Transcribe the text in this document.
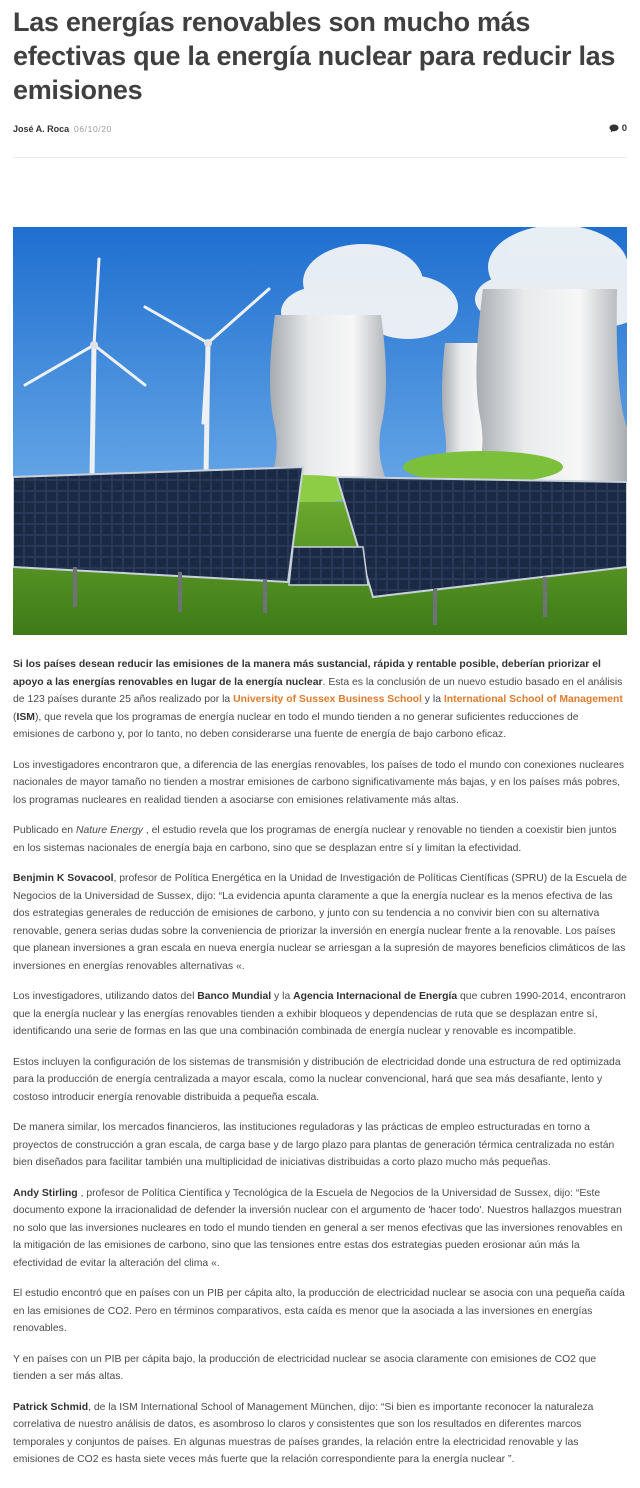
Las energías renovables son mucho más efectivas que la energía nuclear para reducir las emisiones
José A. Roca 06/10/20	0

Si los países desean reducir las emisiones de la manera más sustancial, rápida y rentable posible, deberían priorizar el apoyo a las energías renovables en lugar de la energía nuclear. Esta es la conclusión de un nuevo estudio basado en el análisis de 123 países durante 25 años realizado por la University of Sussex Business School y la International School of Management (ISM), que revela que los programas de energía nuclear en todo el mundo tienden a no generar suficientes reducciones de emisiones de carbono y, por lo tanto, no deben considerarse una fuente de energía de bajo carbono eficaz.

Los investigadores encontraron que, a diferencia de las energías renovables, los países de todo el mundo con conexiones nucleares nacionales de mayor tamaño no tienden a mostrar emisiones de carbono significativamente más bajas, y en los países más pobres, los programas nucleares en realidad tienden a asociarse con emisiones relativamente más altas.

Publicado en Nature Energy , el estudio revela que los programas de energía nuclear y renovable no tienden a coexistir bien juntos en los sistemas nacionales de energía baja en carbono, sino que se desplazan entre sí y limitan la efectividad.

Benjmin K Sovacool, profesor de Política Energética en la Unidad de Investigación de Políticas Científicas (SPRU) de la Escuela de Negocios de la Universidad de Sussex, dijo: “La evidencia apunta claramente a que la energía nuclear es la menos efectiva de las dos estrategias generales de reducción de emisiones de carbono, y junto con su tendencia a no convivir bien con su alternativa renovable, genera serias dudas sobre la conveniencia de priorizar la inversión en energía nuclear frente a la renovable. Los países que planean inversiones a gran escala en nueva energía nuclear se arriesgan a la supresión de mayores beneficios climáticos de las inversiones en energías renovables alternativas «.

Los investigadores, utilizando datos del Banco Mundial y la Agencia Internacional de Energía que cubren 1990-2014, encontraron que la energía nuclear y las energías renovables tienden a exhibir bloqueos y dependencias de ruta que se desplazan entre sí, identificando una serie de formas en las que una combinación combinada de energía nuclear y renovable es incompatible.

Estos incluyen la configuración de los sistemas de transmisión y distribución de electricidad donde una estructura de red optimizada para la producción de energía centralizada a mayor escala, como la nuclear convencional, hará que sea más desafiante, lento y costoso introducir energía renovable distribuida a pequeña escala.

De manera similar, los mercados financieros, las instituciones reguladoras y las prácticas de empleo estructuradas en torno a proyectos de construcción a gran escala, de carga base y de largo plazo para plantas de generación térmica centralizada no están bien diseñados para facilitar también una multiplicidad de iniciativas distribuidas a corto plazo mucho más pequeñas.

Andy Stirling , profesor de Política Científica y Tecnológica de la Escuela de Negocios de la Universidad de Sussex, dijo: “Este documento expone la irracionalidad de defender la inversión nuclear con el argumento de 'hacer todo'. Nuestros hallazgos muestran no solo que las inversiones nucleares en todo el mundo tienden en general a ser menos efectivas que las inversiones renovables en la mitigación de las emisiones de carbono, sino que las tensiones entre estas dos estrategias pueden erosionar aún más la efectividad de evitar la alteración del clima «.

El estudio encontró que en países con un PIB per cápita alto, la producción de electricidad nuclear se asocia con una pequeña caída en las emisiones de CO2. Pero en términos comparativos, esta caída es menor que la asociada a las inversiones en energías renovables.

Y en países con un PIB per cápita bajo, la producción de electricidad nuclear se asocia claramente con emisiones de CO2 que tienden a ser más altas.

Patrick Schmid, de la ISM International School of Management München, dijo: “Si bien es importante reconocer la naturaleza correlativa de nuestro análisis de datos, es asombroso lo claros y consistentes que son los resultados en diferentes marcos temporales y conjuntos de países. En algunas muestras de países grandes, la relación entre la electricidad renovable y las emisiones de CO2 es hasta siete veces más fuerte que la relación correspondiente para la energía nuclear ”.
